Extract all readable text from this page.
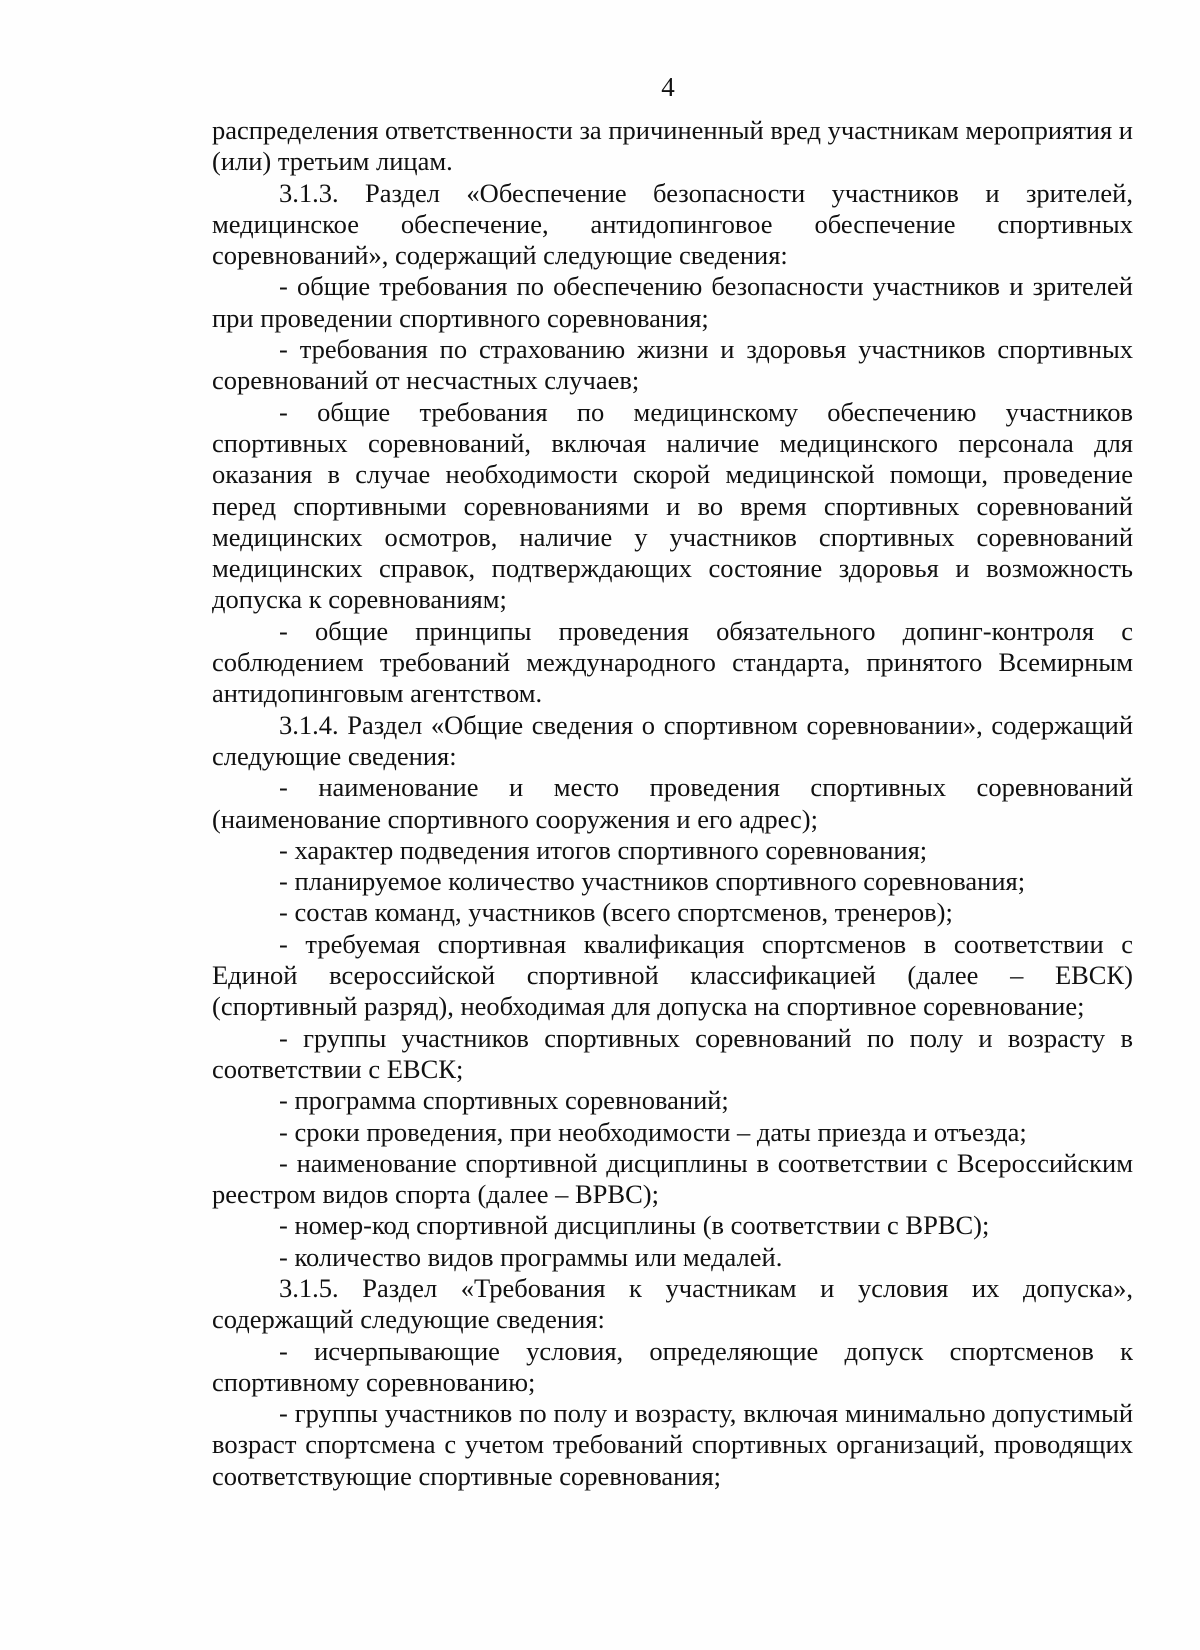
4

распределения ответственности за причиненный вред участникам мероприятия и (или) третьим лицам.

3.1.3. Раздел «Обеспечение безопасности участников и зрителей, медицинское обеспечение, антидопинговое обеспечение спортивных соревнований», содержащий следующие сведения:

- общие требования по обеспечению безопасности участников и зрителей при проведении спортивного соревнования;

- требования по страхованию жизни и здоровья участников спортивных соревнований от несчастных случаев;

- общие требования по медицинскому обеспечению участников спортивных соревнований, включая наличие медицинского персонала для оказания в случае необходимости скорой медицинской помощи, проведение перед спортивными соревнованиями и во время спортивных соревнований медицинских осмотров, наличие у участников спортивных соревнований медицинских справок, подтверждающих состояние здоровья и возможность допуска к соревнованиям;

- общие принципы проведения обязательного допинг-контроля с соблюдением требований международного стандарта, принятого Всемирным антидопинговым агентством.

3.1.4. Раздел «Общие сведения о спортивном соревновании», содержащий следующие сведения:

- наименование и место проведения спортивных соревнований (наименование спортивного сооружения и его адрес);

- характер подведения итогов спортивного соревнования;

- планируемое количество участников спортивного соревнования;

- состав команд, участников (всего спортсменов, тренеров);

- требуемая спортивная квалификация спортсменов в соответствии с Единой всероссийской спортивной классификацией (далее – ЕВСК) (спортивный разряд), необходимая для допуска на спортивное соревнование;

- группы участников спортивных соревнований по полу и возрасту в соответствии с ЕВСК;

- программа спортивных соревнований;

- сроки проведения, при необходимости – даты приезда и отъезда;

- наименование спортивной дисциплины в соответствии с Всероссийским реестром видов спорта (далее – ВРВС);

- номер-код спортивной дисциплины (в соответствии с ВРВС);

- количество видов программы или медалей.

3.1.5. Раздел «Требования к участникам и условия их допуска», содержащий следующие сведения:

- исчерпывающие условия, определяющие допуск спортсменов к спортивному соревнованию;

- группы участников по полу и возрасту, включая минимально допустимый возраст спортсмена с учетом требований спортивных организаций, проводящих соответствующие спортивные соревнования;
